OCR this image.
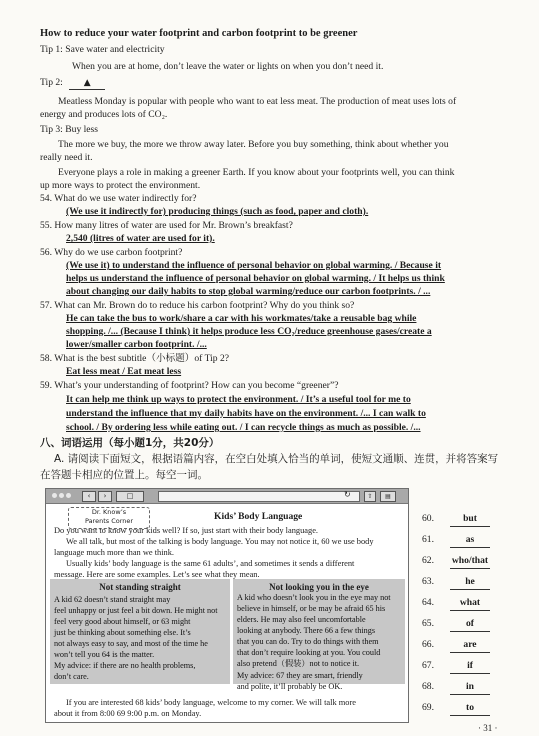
How to reduce your water footprint and carbon footprint to be greener
Tip 1: Save water and electricity
When you are at home, don’t leave the water or lights on when you don’t need it.
Tip 2: ▲
Meatless Monday is popular with people who want to eat less meat. The production of meat uses lots of
energy and produces lots of CO₂.
Tip 3: Buy less
The more we buy, the more we throw away later. Before you buy something, think about whether you
really need it.
Everyone plays a role in making a greener Earth. If you know about your footprints well, you can think
up more ways to protect the environment.
54. What do we use water indirectly for?
(We use it indirectly for) producing things (such as food, paper and cloth).
55. How many litres of water are used for Mr. Brown’s breakfast?
2,540 (litres of water are used for it).
56. Why do we use carbon footprint?
(We use it) to understand the influence of personal behavior on global warming. / Because it
helps us understand the influence of personal behavior on global warming. / It helps us think
about changing our daily habits to stop global warming/reduce our carbon footprints. / ...
57. What can Mr. Brown do to reduce his carbon footprint? Why do you think so?
He can take the bus to work/share a car with his workmates/take a reusable bag while
shopping. /... (Because I think) it helps produce less CO₂/reduce greenhouse gases/create a
lower/smaller carbon footprint. /...
58. What is the best subtitle（小标题）of Tip 2?
Eat less meat / Eat meat less
59. What’s your understanding of footprint? How can you become “greener”?
It can help me think up ways to protect the environment. / It’s a useful tool for me to
understand the influence that my daily habits have on the environment. /... I can walk to
school. / By ordering less while eating out. / I can recycle things as much as possible. /...
八、词语运用（每小题1分，共20分）
A. 请阅读下面短文，根据语篇内容，在空白处填入恰当的单词，使短文通顺、连贯，并将答案写
在答题卡相应的位置上。每空一词。
‹	›	□	↻	⇧	▤
Dr. Know’s
Parents Corner	Kids’ Body Language
Do you want to know your kids well? If so, just start with their body language.
We all talk, but most of the talking is body language. You may not notice it, 60 we use body
language much more than we think.
Usually kids’ body language is the same 61 adults’, and sometimes it sends a different
message. Here are some examples. Let’s see what they mean.
Not standing straight
A kid 62 doesn’t stand straight may
feel unhappy or just feel a bit down. He might not
feel very good about himself, or 63 might
just be thinking about something else. It’s
not always easy to say, and most of the time he
won’t tell you 64 is the matter.
My advice: if there are no health problems,
don’t care.
Not looking you in the eye
A kid who doesn’t look you in the eye may not
believe in himself, or be may be afraid 65 his
elders. He may also feel uncomfortable
looking at anybody. There 66 a few things
that you can do. Try to do things with them
that don’t require looking at you. You could
also pretend（假装）not to notice it.
My advice: 67 they are smart, friendly
and polite, it’ll probably be OK.
If you are interested 68 kids’ body language, welcome to my corner. We will talk more
about it from 8:00 69 9:00 p.m. on Monday.
60.	but
61.	as
62. who/that
63.	he
64.	what
65.	of
66.	are
67.	if
68.	in
69.	to
· 31 ·
